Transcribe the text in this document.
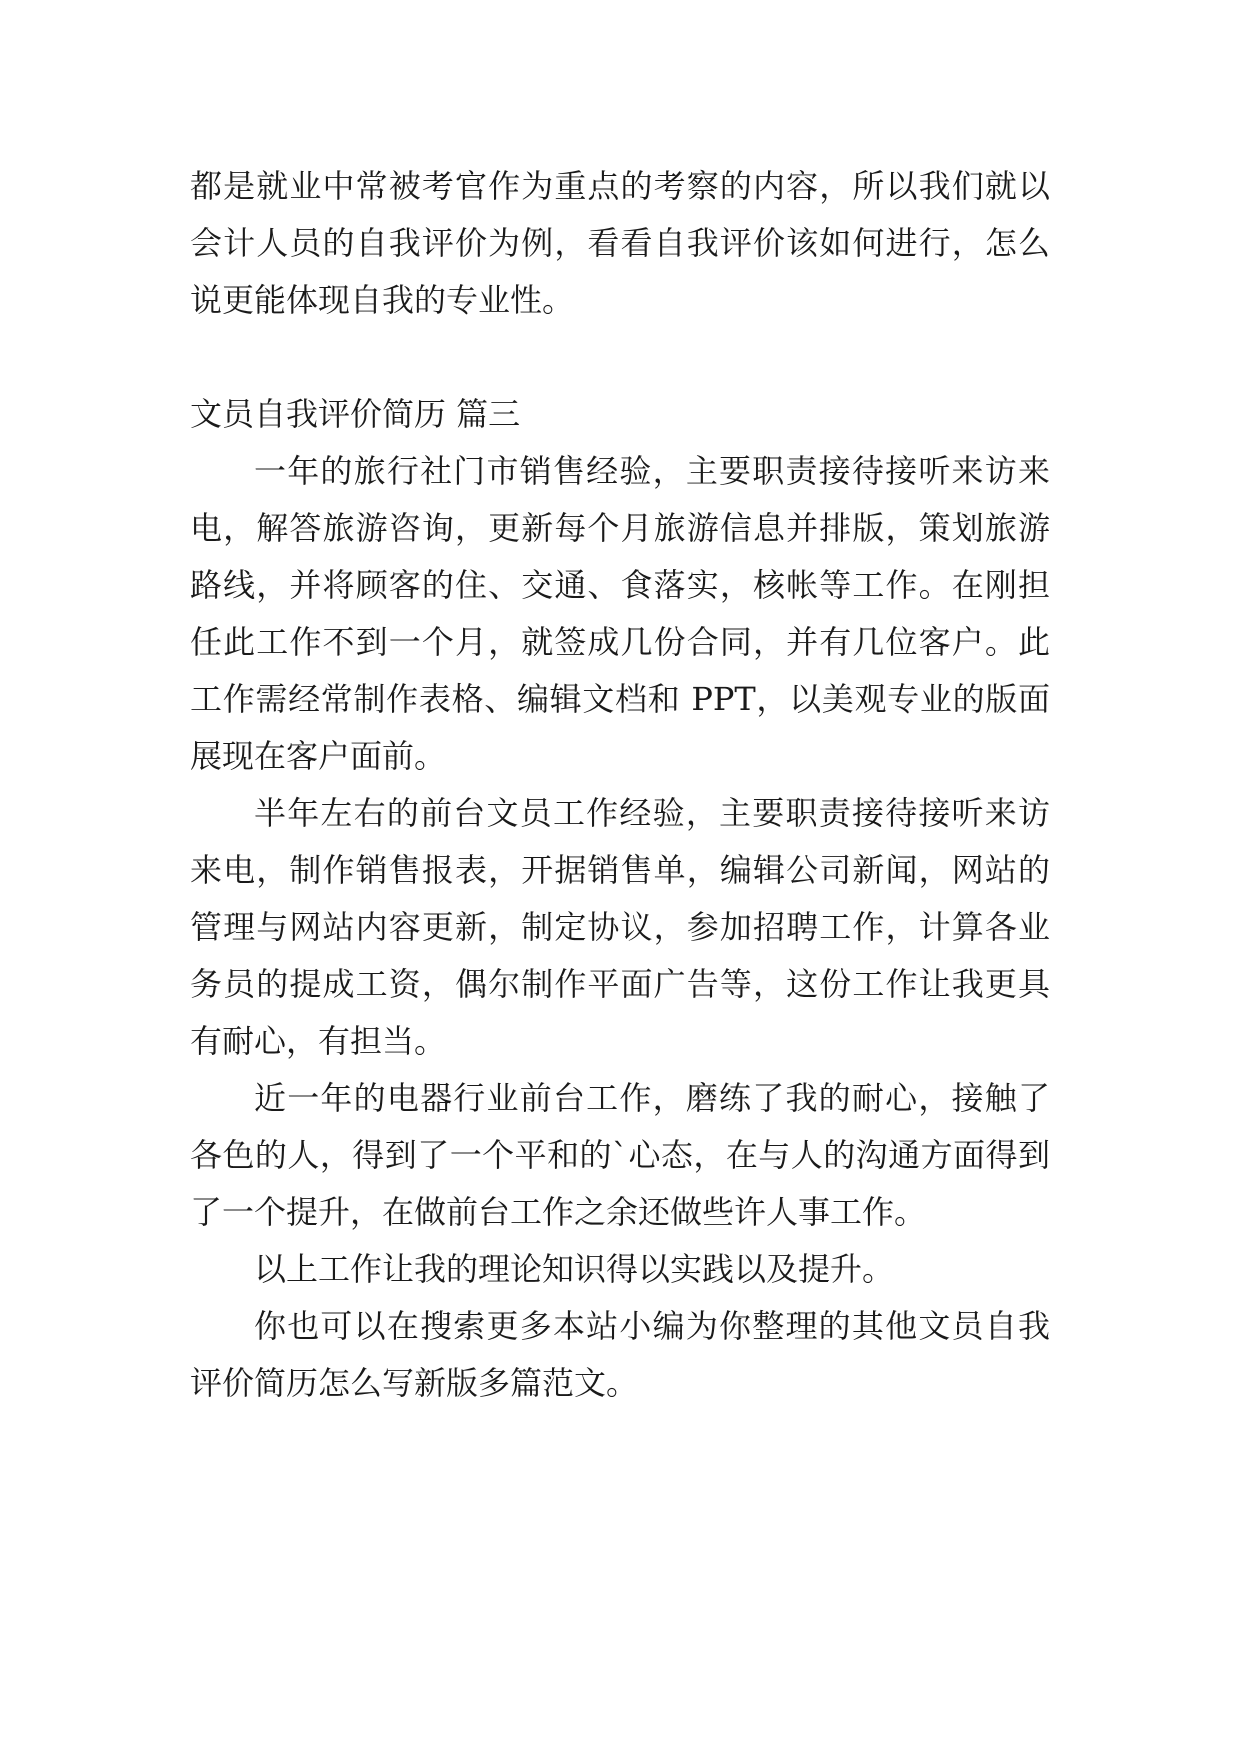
都是就业中常被考官作为重点的考察的内容，所以我们就以会计人员的自我评价为例，看看自我评价该如何进行，怎么说更能体现自我的专业性。

文员自我评价简历 篇三

一年的旅行社门市销售经验，主要职责接待接听来访来电，解答旅游咨询，更新每个月旅游信息并排版，策划旅游路线，并将顾客的住、交通、食落实，核帐等工作。在刚担任此工作不到一个月，就签成几份合同，并有几位客户。此工作需经常制作表格、编辑文档和 PPT，以美观专业的版面展现在客户面前。

半年左右的前台文员工作经验，主要职责接待接听来访来电，制作销售报表，开据销售单，编辑公司新闻，网站的管理与网站内容更新，制定协议，参加招聘工作，计算各业务员的提成工资，偶尔制作平面广告等，这份工作让我更具有耐心，有担当。

近一年的电器行业前台工作，磨练了我的耐心，接触了各色的人，得到了一个平和的`心态，在与人的沟通方面得到了一个提升，在做前台工作之余还做些许人事工作。

以上工作让我的理论知识得以实践以及提升。

你也可以在搜索更多本站小编为你整理的其他文员自我评价简历怎么写新版多篇范文。
